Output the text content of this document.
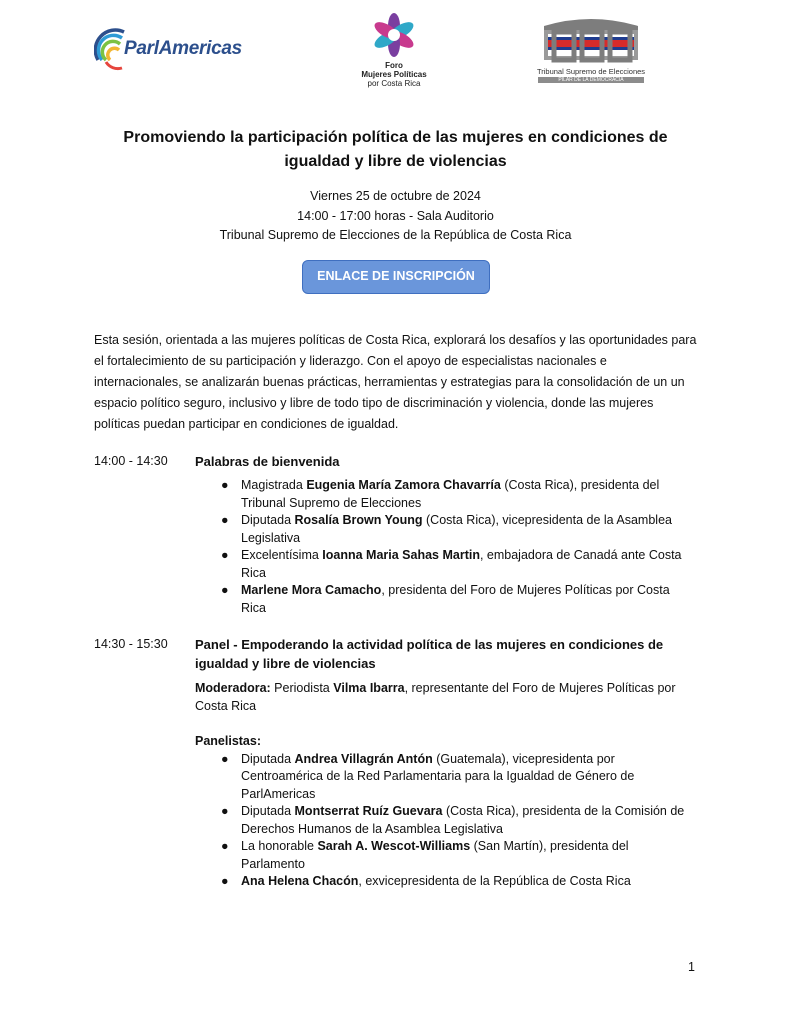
ParlAmericas
Foro
Mujeres Políticas
por Costa Rica
Tribunal Supremo de Elecciones
PILAR DE LA DEMOCRACIA
Promoviendo la participación política de las mujeres en condiciones de igualdad y libre de violencias
Viernes 25 de octubre de 2024
14:00 - 17:00 horas - Sala Auditorio
Tribunal Supremo de Elecciones de la República de Costa Rica
ENLACE DE INSCRIPCIÓN
Esta sesión, orientada a las mujeres políticas de Costa Rica, explorará los desafíos y las oportunidades para el fortalecimiento de su participación y liderazgo. Con el apoyo de especialistas nacionales e internacionales, se analizarán buenas prácticas, herramientas y estrategias para la consolidación de un un espacio político seguro, inclusivo y libre de todo tipo de discriminación y violencia, donde las mujeres políticas puedan participar en condiciones de igualdad.
14:00 - 14:30 Palabras de bienvenida
● Magistrada Eugenia María Zamora Chavarría (Costa Rica), presidenta del Tribunal Supremo de Elecciones
● Diputada Rosalía Brown Young (Costa Rica), vicepresidenta de la Asamblea Legislativa
● Excelentísima Ioanna Maria Sahas Martin, embajadora de Canadá ante Costa Rica
● Marlene Mora Camacho, presidenta del Foro de Mujeres Políticas por Costa Rica
14:30 - 15:30 Panel - Empoderando la actividad política de las mujeres en condiciones de igualdad y libre de violencias
Moderadora: Periodista Vilma Ibarra, representante del Foro de Mujeres Políticas por Costa Rica
Panelistas:
● Diputada Andrea Villagrán Antón (Guatemala), vicepresidenta por Centroamérica de la Red Parlamentaria para la Igualdad de Género de ParlAmericas
● Diputada Montserrat Ruíz Guevara (Costa Rica), presidenta de la Comisión de Derechos Humanos de la Asamblea Legislativa
● La honorable Sarah A. Wescot-Williams (San Martín), presidenta del Parlamento
● Ana Helena Chacón, exvicepresidenta de la República de Costa Rica
1
